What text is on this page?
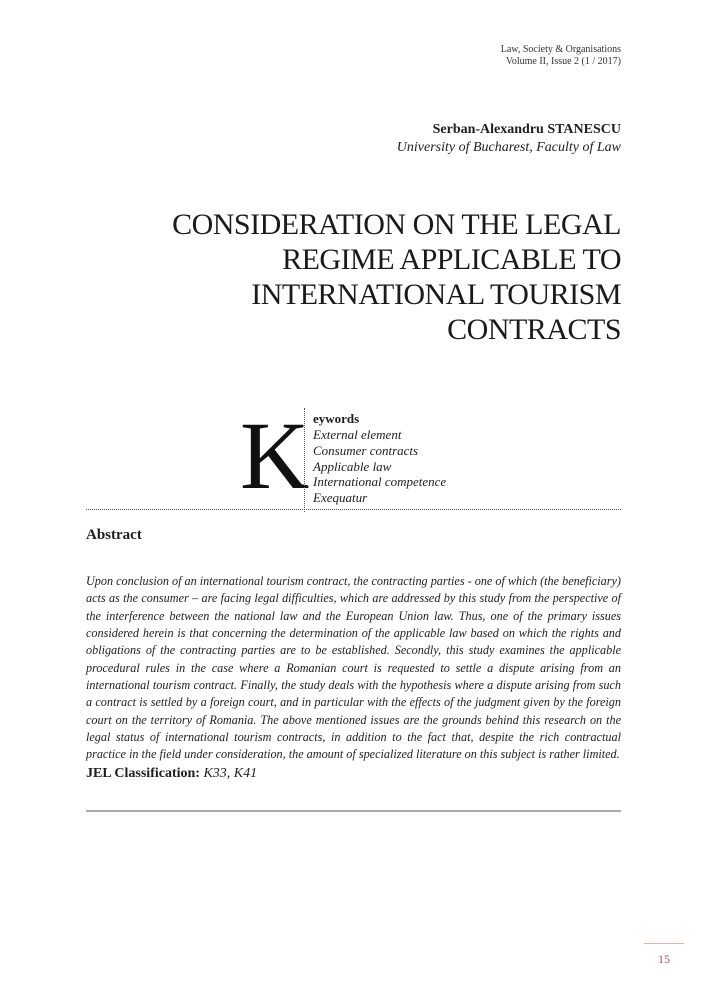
Law, Society & Organisations
Volume II, Issue 2 (1 / 2017)
Serban-Alexandru STANESCU
University of Bucharest, Faculty of Law
CONSIDERATION ON THE LEGAL
REGIME APPLICABLE TO
INTERNATIONAL TOURISM
CONTRACTS
K eywords
External element
Consumer contracts
Applicable law
International competence
Exequatur
Abstract

Upon conclusion of an international tourism contract, the contracting parties - one of which (the beneficiary) acts as the consumer – are facing legal difficulties, which are addressed by this study from the perspective of the interference between the national law and the European Union law. Thus, one of the primary issues considered herein is that concerning the determination of the applicable law based on which the rights and obligations of the contracting parties are to be established. Secondly, this study examines the applicable procedural rules in the case where a Romanian court is requested to settle a dispute arising from an international tourism contract. Finally, the study deals with the hypothesis where a dispute arising from such a contract is settled by a foreign court, and in particular with the effects of the judgment given by the foreign court on the territory of Romania. The above mentioned issues are the grounds behind this research on the legal status of international tourism contracts, in addition to the fact that, despite the rich contractual practice in the field under consideration, the amount of specialized literature on this subject is rather limited.

JEL Classification: K33, K41
15
